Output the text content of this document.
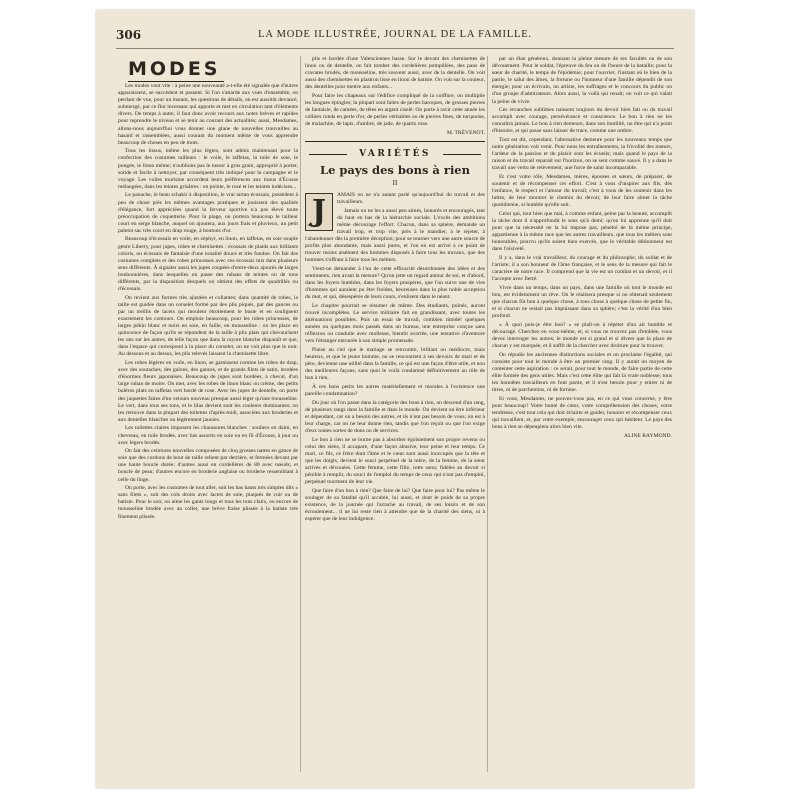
306	LA MODE ILLUSTRÉE, JOURNAL DE LA FAMILLE.
MODES

Les modes vont vite : à peine une nouveauté a-t-elle été signalée que d'autres apparaissent, se succèdent et passent. Si l'on s'attarde aux vues d'ensemble, on perdant de vue, pour un instant, les questions de détails, on est aussitôt devancé, submergé, par ce flot incessant qui apporte et met en circulation tant d'éléments divers. De temps à autre, il faut donc avoir recours aux notes brèves et rapides pour reprendre le niveau et se tenir au courant des actualités; aussi, Mesdames, allons-nous aujourd'hui vous donner une glane de nouvelles trouvailles au hasard et rassemblées, aussi courant du moment même de vous apprendre beaucoup de choses en peu de mots.

Tous les tissus, même les plus légers, sont admis maintenant pour la confection des costumes tailleurs : le voile, le taffetas, la toile de soie, le pongée, le linon même; n'oublions pas le tussor à gros grain, approprié à porter, solide et facile à nettoyer, par conséquent très indiqué pour la campagne et le voyage. Les voiles tourisme accordent leurs préférences aux tissus d'Écosse mélangées, dans les teintes grisâtres : en pointe, le rosé et les teintes indécises...

Le panache, le beau schakir à disposition, le vrai tartan écossais, possèdent à peu de chose près les mêmes avantages pratiques et jouissent des qualités d'élégance, fort appréciées quand la ferveur sportive n'a pas élevé toute préoccupation de coquetterie. Pour la plage, on portera beaucoup le tailleur court en serge blanche, auquel on ajoutera, aux jours frais et pluvieux, un petit paletot sac très court en drap rouge, à boutons d'or.

Beaucoup d'écossais en voile, en zéphyr, en linon, en taffetas, en soie souple genre Liberty, pour jupes, robes et chemisettes : écossais de plaids aux brillants coloris, ou écossais de fantaisie d'une tonalité douce et très fondue. On fait des costumes complets et des robes princesses avec ces écossais mis dans plusieurs sens différents. À signaler aussi les jupes coupées d'entre-deux ajourés de larges bonbonnières, dans lesquelles on passe des rubans de teintes ou de tons différents, par la disposition desquels on obtient des effets de quadrillés ou d'écossais.

On revient aux formes très ajustées et collantes; dans quantité de robes, la taille est guidée dans un corselet formé par des plis piqués, par des gances ou par un treillis de lacets qui moulent étroitement le buste et en soulignent exactement les contours. On emploie beaucoup, pour les robes princesses, de larges pékin blanc et noirs en soie, en faille, en mousseline : on les place en quinconce de façon qu'ils se répondent de la taille à plis plats qui chevauchent les uns sur les autres, de telle façon que dans la rayure blanche disparaît et que, dans l'espace qui correspond à la place du corselet, on ne voit plus que le noir. Au dessous et au dessus, les plis relevés laissent la chemisette libre.

Les robes légères en voile, en linon, se garnissent comme les robes de drap, avec des soutaches, des galons, des gances, et de grands filets de satin, brodées d'énormes fleurs japonaises. Beaucoup de jupes sont bordées, à cheval, d'un large ruban de moire. On met, avec les robes de linon blanc ou crème, des petits boléros plats en taffetas vert bordé de rose. Avec les jupes de dentelle, on porte des jaquettes faites d'un velours nouveau presque aussi léger qu'une mousseline. Le vert, dans tous ses tons, et le lilas devient sont les couleurs dominantes; on les retrouve dans la plupart des toilettes d'après-midi, associées aux broderies et aux dentelles blanches ou légèrement jaunies.

Les toilettes claires imposent les chaussures blanches : souliers en daim, en chevreau, en toile brodée, avec bas assortis en soie ou en fil d'Écosse, à jour ou avec légers brodés.

On fait des ceintures nouvelles composées de cinq grosses nattes en gance de soie que des cordons de bout de taille relient par derrière, et fermées devant par une haute boucle dorée; d'autres aussi en cordelières de 80 avec nœuds; et boucle de peau; d'autres encore en broderie anglaise ou broderie ressemblant à celle du linge.

On porte, avec les costumes de tout aller, soit les bas hauts très simples dits « sans filets », soit des cols droits avec lacets de soie, plaqués de cuir ou de batiste. Pour le soir, on aime les gants longs et tous les tons clairs, ou encore de mousseline brodée avec au collet, une brève fraise plissée à la batiste très finement plissée.

plis et bordée d'une Valenciennes basse. Sur le devant des chemisettes de linon ou de dentelle, on fait tomber des cordelières pompillées, des pans de cravates brodés, de mousseline, très souvent aussi, avec de la dentelle. On voit aussi des chemisettes en plastron lisse en linon de batiste. On voit sur la couleur, des dentelles pour mettre aux enfants...

Pour faire les chapeaux sur l'édifice compliqué de la coiffure, on multiplie les longues épingles; la plupart sont faites de perles baroques, de grosses pierres de fantaisie, de camées, de têtes en argent ciselé. On porte à ravir cette année les colliers ronds en perle d'or, de perles véritables ou de pierres fines, de turquoise, de malachite, de lapis, d'ambre, de jade, de quartz rose.

M. TRÉVENOT.

VARIÉTÉS
Le pays des bons à rien
II
J
❧

AMAIS on ne n'a autant parlé qu'aujourd'hui du travail et des travailleurs.

Jamais on ne les a aussi peu aimés, honorés et encouragés, tant du haut en bas de la hiérarchie sociale. L'excès des ambitions même décourage l'effort. Chacun, dans sa sphère, demande un travail trop, et trop vite, près à le mandier, à le rejeter, à l'abandonner dès la première déception; pour se tourner vers une autre source de profits plus abondante, mais aussi pures, et l'on en est arrivé à ce point de trouver moins aisément des hommes disposés à faire tous les travaux, que des hommes s'offrant à faire tous les métiers.

Vient-on demander à l'un de cette efficacité désordonnée des idées et des sentiments, rien avant la mesure? Qu'on jette un regard autour de soi, et d'abord, dans les foyers humbles, dans les foyers prospères, que l'on suive une de vies d'hommes qui auraient pu être froides, heureuses dans la plus noble acception du mot, et qui, désespérés de leurs cours, s'enlisent dans le néant.

Le chapitre pourrait se résumer de même. Des étudiants, puînés, auront trouvé incomplètes. Le service militaire fait en grandissant, avec toutes les atténuations possibles. Puis un essai de travail, combien timide! quelques années ou quelques mois passés dans un bureau, une entreprise conçue sans réflexion ou conduite avec mollesse, bientôt avortée, une tentative d'aventure vers l'étranger entourée à son simple promenade.

Plaise au ciel que le mariage se rencontre, brillant ou médiocre, mais heureux, et que le jeune homme, ou se rencontrent à ses devoirs de mari et de père, devienne une utilité dans la famille, ce qui est une façon d'être utile, et non des meilleures façons; sans quoi le voilà condamné définitivement au rôle de bon à rien.

À ces bons petits les autres matériellement et morales à l'existence une pareille condamnation?

Du jour où l'on passe dans la catégorie des bons à rien, on descend d'un rang, de plusieurs rangs dans la famille et dans le monde. On devient un être inférieur et dépendant, car on a besoin des autres, et ils n'ont pas besoin de vous; on est à leur charge, car on ne leur donne rien, tandis que l'on reçoit ou que l'on exige d'eux toutes sortes de dons ou de services.

Le bon à rien ne se borne pas à absorber égoïstement son propre revenu ou celui des siens, il accapare, d'une façon abusive, leur peine et leur temps. Ce mari, ce fils, ce frère dont l'âme et le cœur sont aussi inoccupés que la tête et que les doigts, devient le souci perpétuel de la mère, de la femme, de la sœur actives et dévouées. Cette femme, cette fille, cette sœur, fidèles au devoir si pénible à remplir, du souci de l'emploi du temps de ceux qui n'ont pas d'emploi, perpétuel tourment de leur vie.

Que faire d'un bon à rien? Que faire de lui? Que faire pour lui? Pas même le soulager de sa fatalité qu'il accable, lui aussi, et dont le poids de sa propre existence, de la journée qui l'arrache au travail, de ses loisirs et de son écroulement... il ne lui reste rien à attendre que de la charité des siens, ni à espérer que de leur indulgence.

par un élan généreux, donnant la pleine mesure de ses facultés ou de son dévouement. Pour le soldat, l'épreuve du feu ou de l'heure de la bataille; pour la sœur de charité, le temps de l'épidémie; pour l'ouvrier, l'instant où le bien de la patrie, le salut des âmes, la fortune ou l'honneur d'une famille dépendit de son énergie; pour un écrivain, un artiste, les suffrages et le concours du public ou d'un groupe d'admirateurs. Alors aussi, la voilà qui renaît; on voit ce qui valait la peine de vivre.

Ces revanches sublimes naissent toujours du devoir bien fait ou du travail accompli avec courage, persévérance et conscience. Le bon à rien ne les connaîtra jamais. Le bon à rien demeure, dans son inutilité, un être qui n'a point d'histoire, et qui passe sans laisser de trace, comme une ombre.

Tout est dit, cependant, l'alternative demeure pour les nouveaux temps que notre génération voit venir. Pour nous les entraînements, la frivolité des mœurs, l'ardeur de la passion et du plaisir sont les écueils; mais quand le pays de la raison et du travail reparaît sur l'horizon, on se sent comme sauvé. Il y a dans le travail une vertu de relèvement, une force de salut incomparable.

Et c'est votre rôle, Mesdames, mères, épouses et sœurs, de préparer, de soutenir et de récompenser cet effort. C'est à vous d'inspirer aux fils, dès l'enfance, le respect et l'amour du travail; c'est à vous de les soutenir dans les luttes, de leur montrer le chemin du devoir, de leur faire aimer la tâche quotidienne, si humble qu'elle soit.

Celui qui, tout bien que mal, à comme enfant, peine par la beauté, accomplit la tâche dont il n'approfondit le sens qu'à demi; qu'on lui apprenne qu'il doit pour que la nécessité ne la lui impose pas, pénétré de la même principe, appartienne à la même race que les autres travailleurs, que tous les métiers sont honorables, pourvu qu'ils soient bien exercés, que le véritable déshonneur est dans l'oisiveté.

Il y a, dans le vrai travailleur, du courage et du philosophe, du soldat et de l'artiste; il a son honneur de l'âme française, et le sens de la mesure qui fait le caractère de notre race. Il comprend que la vie est un combat et un devoir, et il l'accepte avec fierté.

Vivre dans un temps, dans un pays, dans une famille où tout le monde est bon, est évidemment un rêve. On le réalisera presque si on obtenait seulement que chacun fût bon à quelque chose, à tous chose à quelque chose de petite fin, et si chacun ne restait pas impuissant dans sa sphère; c'est la vérité d'un bien profond.

« À quoi puis-je être bon? » se plaît-on à répéter d'un air humble et découragé. Cherchez en vous-même, et, si vous ne trouvez pas d'emblée, vous devez interroger les autres; le monde est si grand et si divers que la place de chacun y est marquée, et il suffit de la chercher avec droiture pour la trouver.

On répudie les anciennes distinctions sociales et on proclame l'égalité, qui consiste pour tout le monde à être un premier rang. Il y aurait un moyen de contenter cette aspiration : ce serait, pour tout le monde, de faire partie de cette élite formée des gens utiles. Mais c'est cette élite qui fait la vraie noblesse; tous les honnêtes travailleurs en font partie, et il n'est besoin pour y entrer ni de titres, ni de parchemins, ni de fortune.

Et vous, Mesdames, ne pouvez-vous pas, en ce qui vous concerne, y être pour beaucoup? Votre bonté de cœur, votre compréhension des choses, votre tendresse, c'est tout cela qui doit éclairer et guider, honorer et récompenser ceux qui travaillent, et, par votre exemple, encourager ceux qui hésitent. Le pays des bons à rien se dépeuplera alors bien vite.

ALINE RAYMOND.
